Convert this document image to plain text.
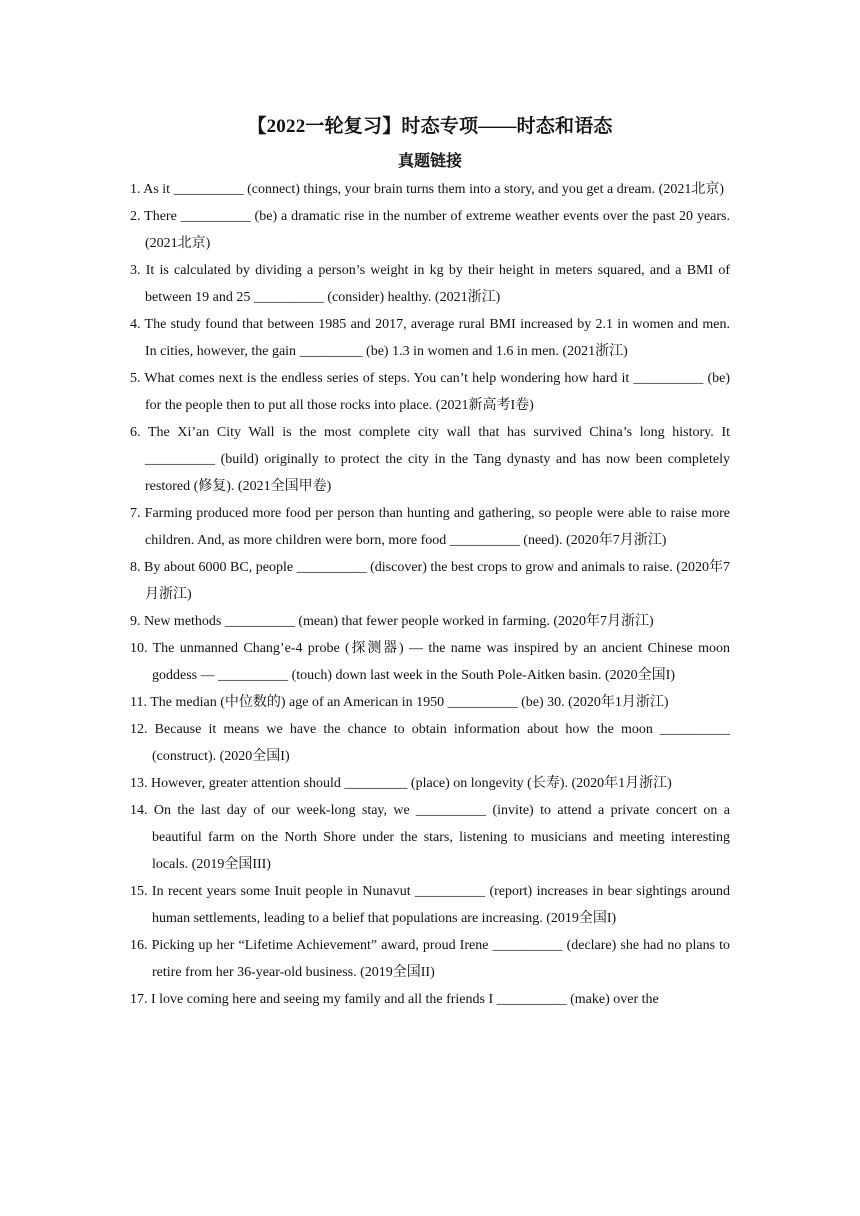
【2022一轮复习】时态专项——时态和语态
真题链接
1. As it __________ (connect) things, your brain turns them into a story, and you get a dream. (2021北京)
2. There __________ (be) a dramatic rise in the number of extreme weather events over the past 20 years. (2021北京)
3. It is calculated by dividing a person’s weight in kg by their height in meters squared, and a BMI of between 19 and 25 __________ (consider) healthy. (2021浙江)
4. The study found that between 1985 and 2017, average rural BMI increased by 2.1 in women and men. In cities, however, the gain _________ (be) 1.3 in women and 1.6 in men. (2021浙江)
5. What comes next is the endless series of steps. You can’t help wondering how hard it __________ (be) for the people then to put all those rocks into place. (2021新高考I卷)
6. The Xi’an City Wall is the most complete city wall that has survived China’s long history. It __________ (build) originally to protect the city in the Tang dynasty and has now been completely restored (修复). (2021全国甲卷)
7. Farming produced more food per person than hunting and gathering, so people were able to raise more children. And, as more children were born, more food __________ (need). (2020年7月浙江)
8. By about 6000 BC, people __________ (discover) the best crops to grow and animals to raise. (2020年7月浙江)
9. New methods __________ (mean) that fewer people worked in farming. (2020年7月浙江)
10. The unmanned Chang’e-4 probe (探测器) — the name was inspired by an ancient Chinese moon goddess — __________ (touch) down last week in the South Pole-Aitken basin. (2020全国I)
11. The median (中位数的) age of an American in 1950 __________ (be) 30. (2020年1月浙江)
12. Because it means we have the chance to obtain information about how the moon __________ (construct). (2020全国I)
13. However, greater attention should _________ (place) on longevity (长寿). (2020年1月浙江)
14. On the last day of our week-long stay, we __________ (invite) to attend a private concert on a beautiful farm on the North Shore under the stars, listening to musicians and meeting interesting locals. (2019全国III)
15. In recent years some Inuit people in Nunavut __________ (report) increases in bear sightings around human settlements, leading to a belief that populations are increasing. (2019全国I)
16. Picking up her “Lifetime Achievement” award, proud Irene __________ (declare) she had no plans to retire from her 36-year-old business. (2019全国II)
17. I love coming here and seeing my family and all the friends I __________ (make) over the
